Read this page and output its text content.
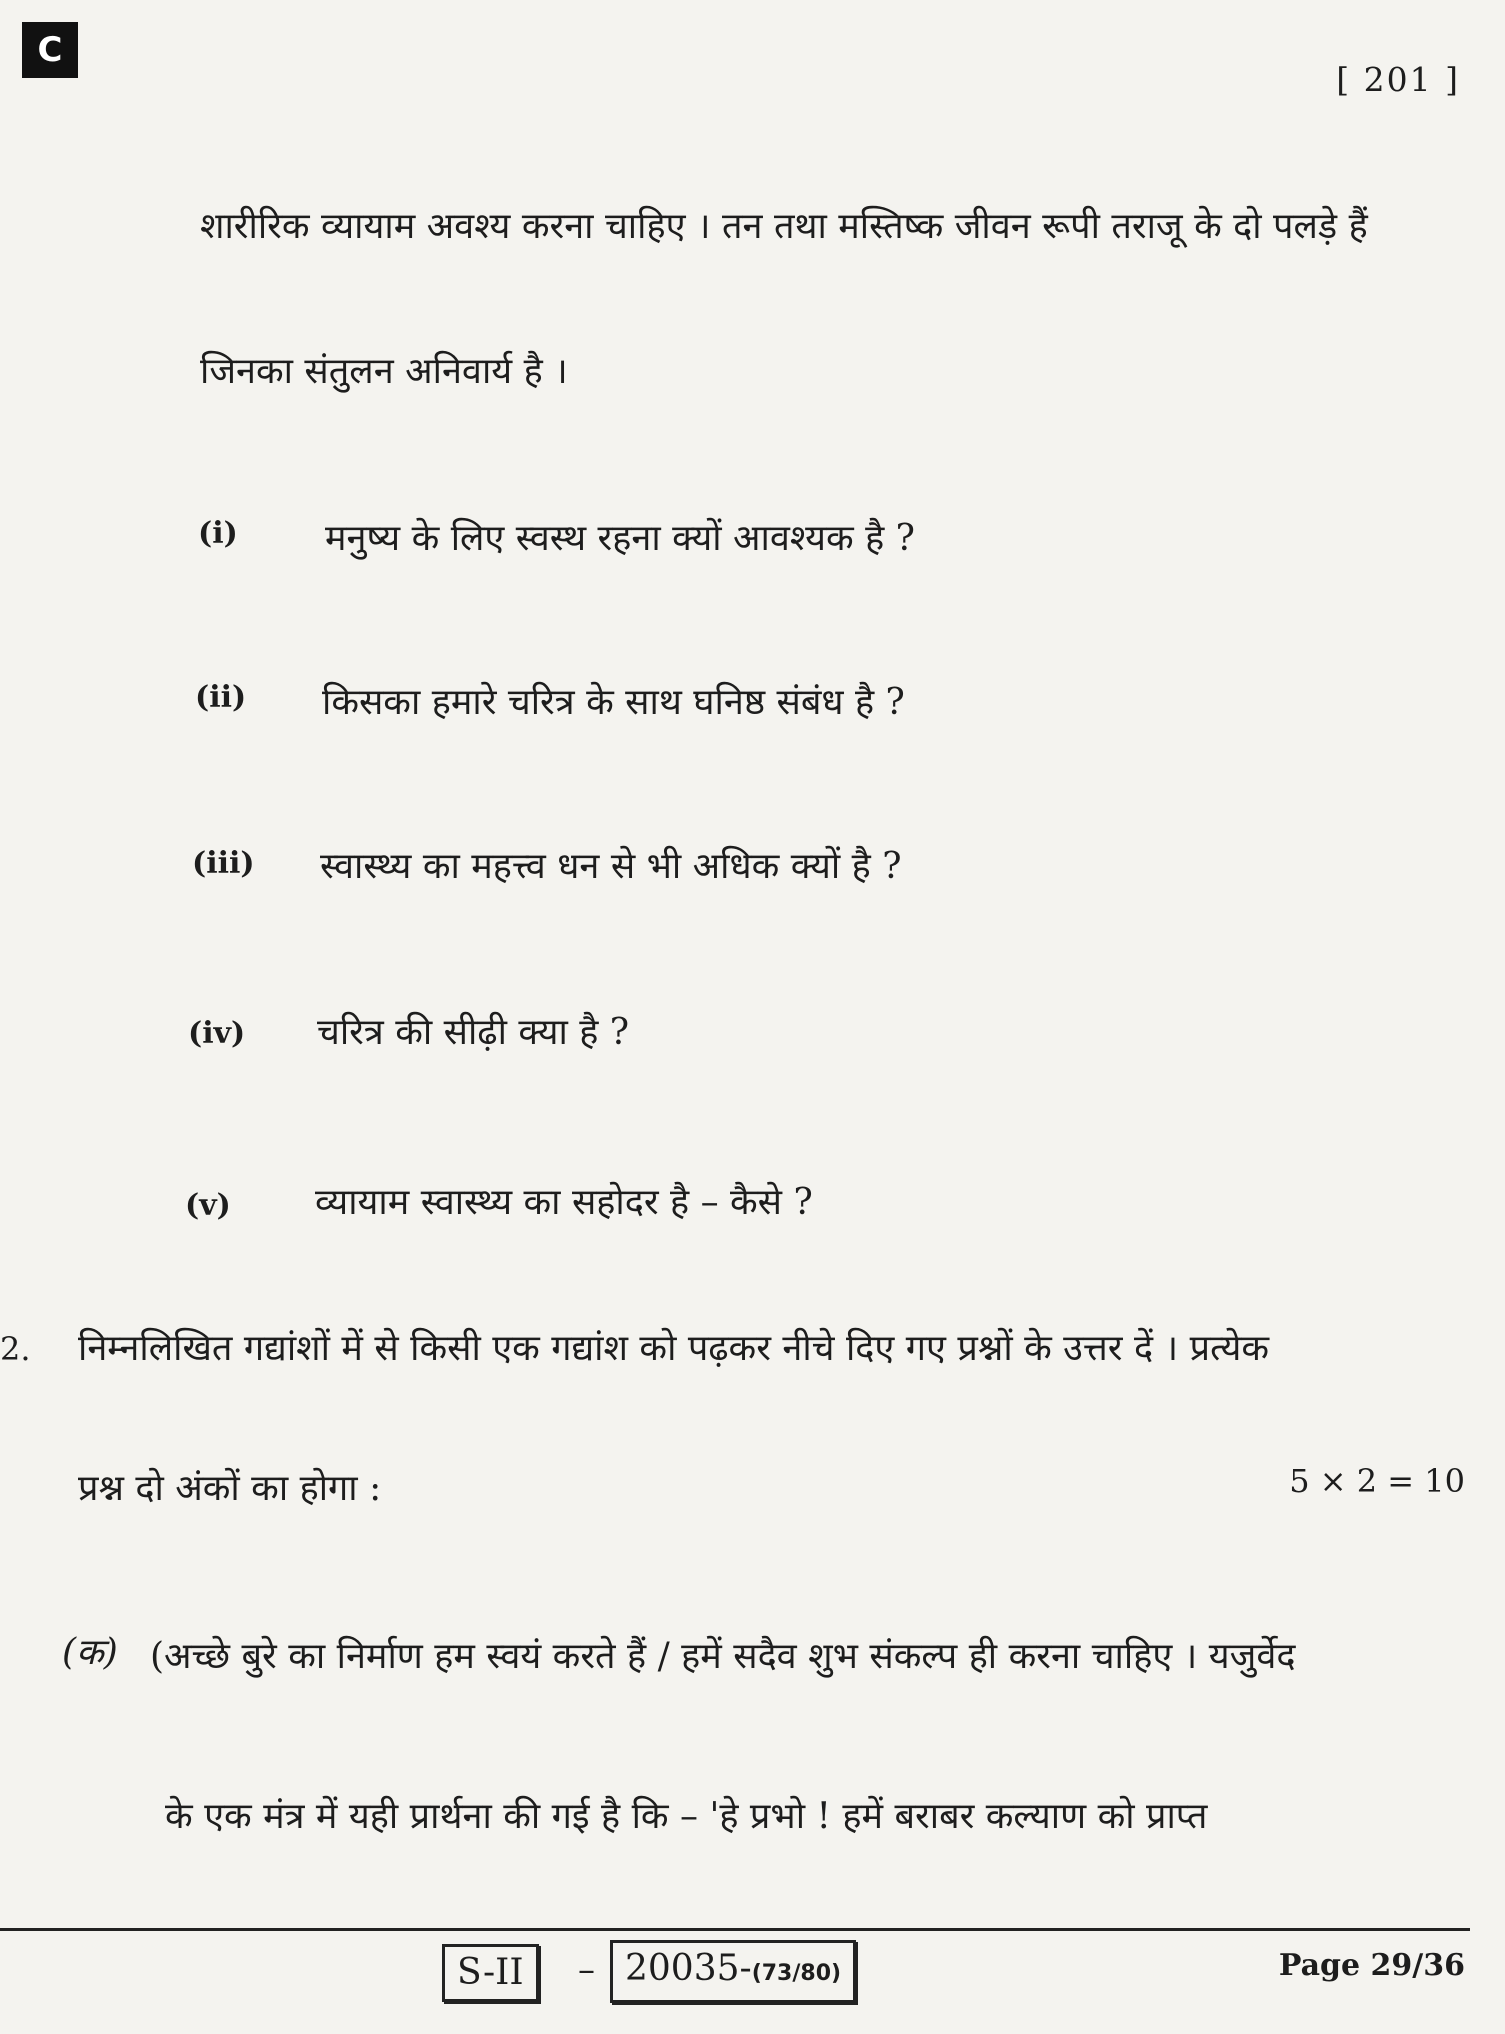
C
[ 201 ]
शारीरिक व्यायाम अवश्य करना चाहिए । तन तथा मस्तिष्क जीवन रूपी तराजू के दो पलड़े हैं
जिनका संतुलन अनिवार्य है ।
(i) मनुष्य के लिए स्वस्थ रहना क्यों आवश्यक है ?
(ii) किसका हमारे चरित्र के साथ घनिष्ठ संबंध है ?
(iii) स्वास्थ्य का महत्त्व धन से भी अधिक क्यों है ?
(iv) चरित्र की सीढ़ी क्या है ?
(v) व्यायाम स्वास्थ्य का सहोदर है – कैसे ?
2. निम्नलिखित गद्यांशों में से किसी एक गद्यांश को पढ़कर नीचे दिए गए प्रश्नों के उत्तर दें । प्रत्येक
प्रश्न दो अंकों का होगा :	5 × 2 = 10
(क) (अच्छे बुरे का निर्माण हम स्वयं करते हैं / हमें सदैव शुभ संकल्प ही करना चाहिए । यजुर्वेद
के एक मंत्र में यही प्रार्थना की गई है कि – 'हे प्रभो ! हमें बराबर कल्याण को प्राप्त
S-II	– 20035-(73/80)	Page 29/36
